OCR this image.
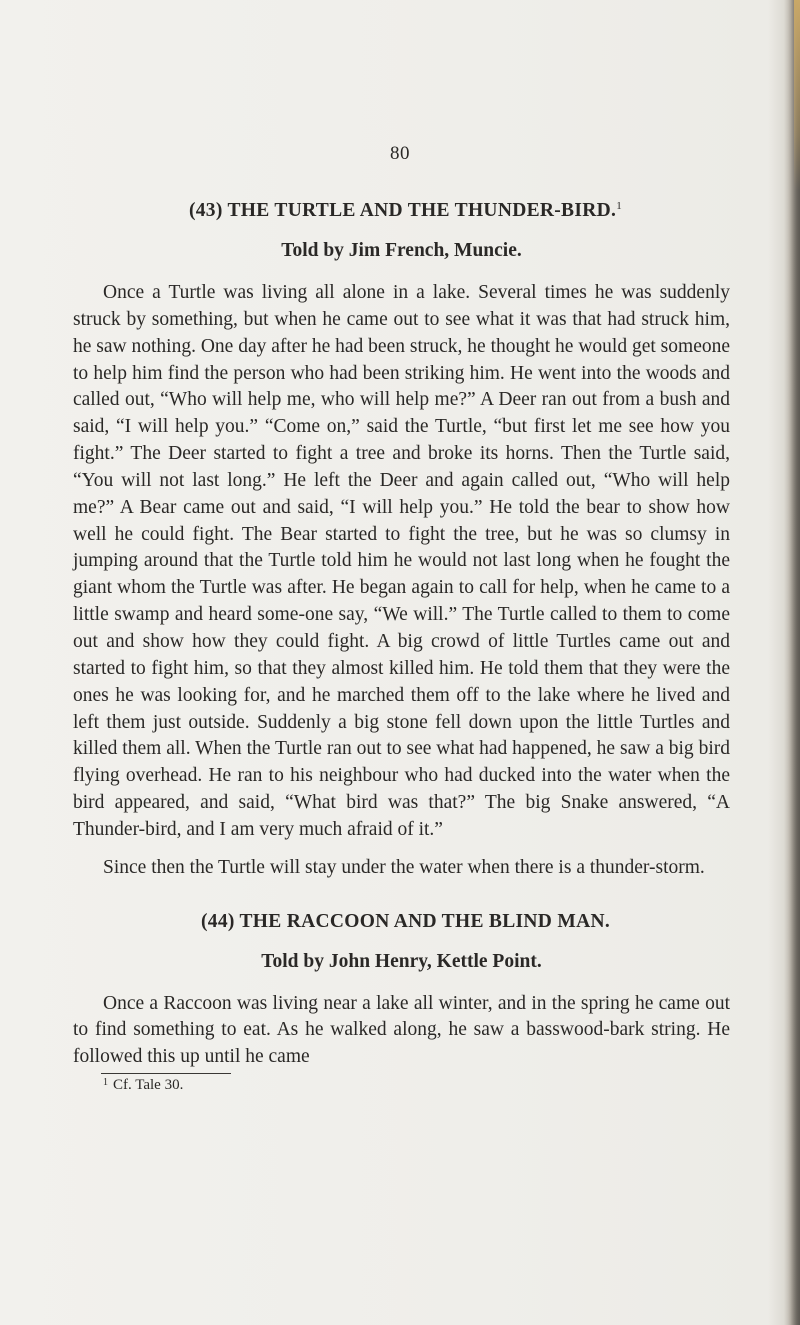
80
(43) THE TURTLE AND THE THUNDER-BIRD.$^1$

Told by Jim French, Muncie.

Once a Turtle was living all alone in a lake. Several times he was suddenly struck by something, but when he came out to see what it was that had struck him, he saw nothing. One day after he had been struck, he thought he would get someone to help him find the person who had been striking him. He went into the woods and called out, “Who will help me, who will help me?” A Deer ran out from a bush and said, “I will help you.” “Come on,” said the Turtle, “but first let me see how you fight.” The Deer started to fight a tree and broke its horns. Then the Turtle said, “You will not last long.” He left the Deer and again called out, “Who will help me?” A Bear came out and said, “I will help you.” He told the bear to show how well he could fight. The Bear started to fight the tree, but he was so clumsy in jumping around that the Turtle told him he would not last long when he fought the giant whom the Turtle was after. He began again to call for help, when he came to a little swamp and heard some-one say, “We will.” The Turtle called to them to come out and show how they could fight. A big crowd of little Turtles came out and started to fight him, so that they almost killed him. He told them that they were the ones he was looking for, and he marched them off to the lake where he lived and left them just outside. Suddenly a big stone fell down upon the little Turtles and killed them all. When the Turtle ran out to see what had happened, he saw a big bird flying overhead. He ran to his neighbour who had ducked into the water when the bird appeared, and said, “What bird was that?” The big Snake answered, “A Thunder-bird, and I am very much afraid of it.”

Since then the Turtle will stay under the water when there is a thunder-storm.

(44) THE RACCOON AND THE BLIND MAN.

Told by John Henry, Kettle Point.

Once a Raccoon was living near a lake all winter, and in the spring he came out to find something to eat. As he walked along, he saw a basswood-bark string. He followed this up until he came

$^1$ Cf. Tale 30.
